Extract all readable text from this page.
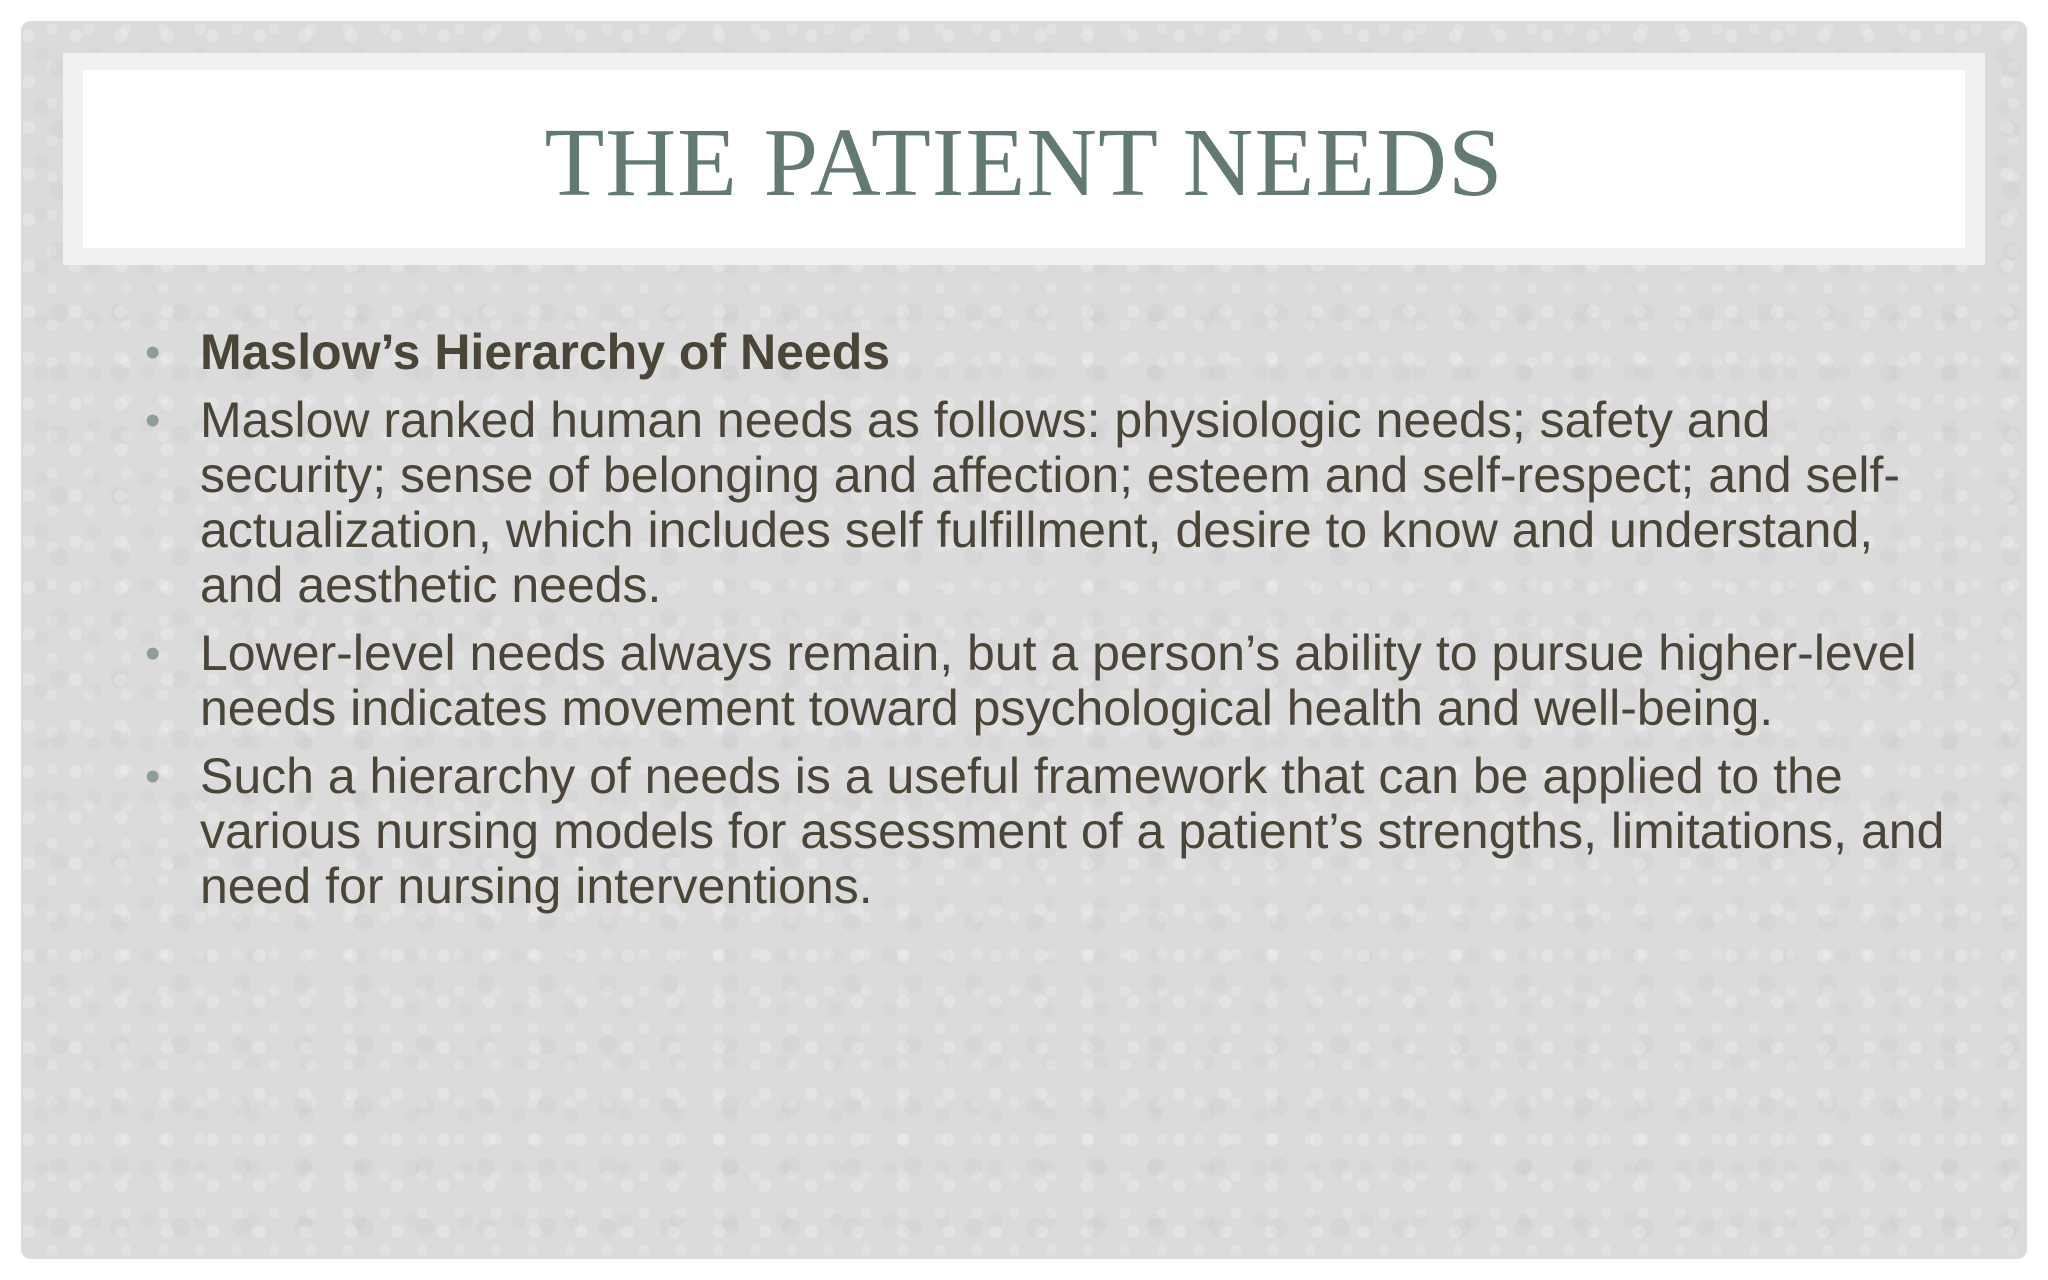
THE PATIENT NEEDS
• Maslow’s Hierarchy of Needs
• Maslow ranked human needs as follows: physiologic needs; safety and security; sense of belonging and affection; esteem and self-respect; and self-actualization, which includes self fulfillment, desire to know and understand, and aesthetic needs.
• Lower-level needs always remain, but a person’s ability to pursue higher-level needs indicates movement toward psychological health and well-being.
• Such a hierarchy of needs is a useful framework that can be applied to the various nursing models for assessment of a patient’s strengths, limitations, and need for nursing interventions.
